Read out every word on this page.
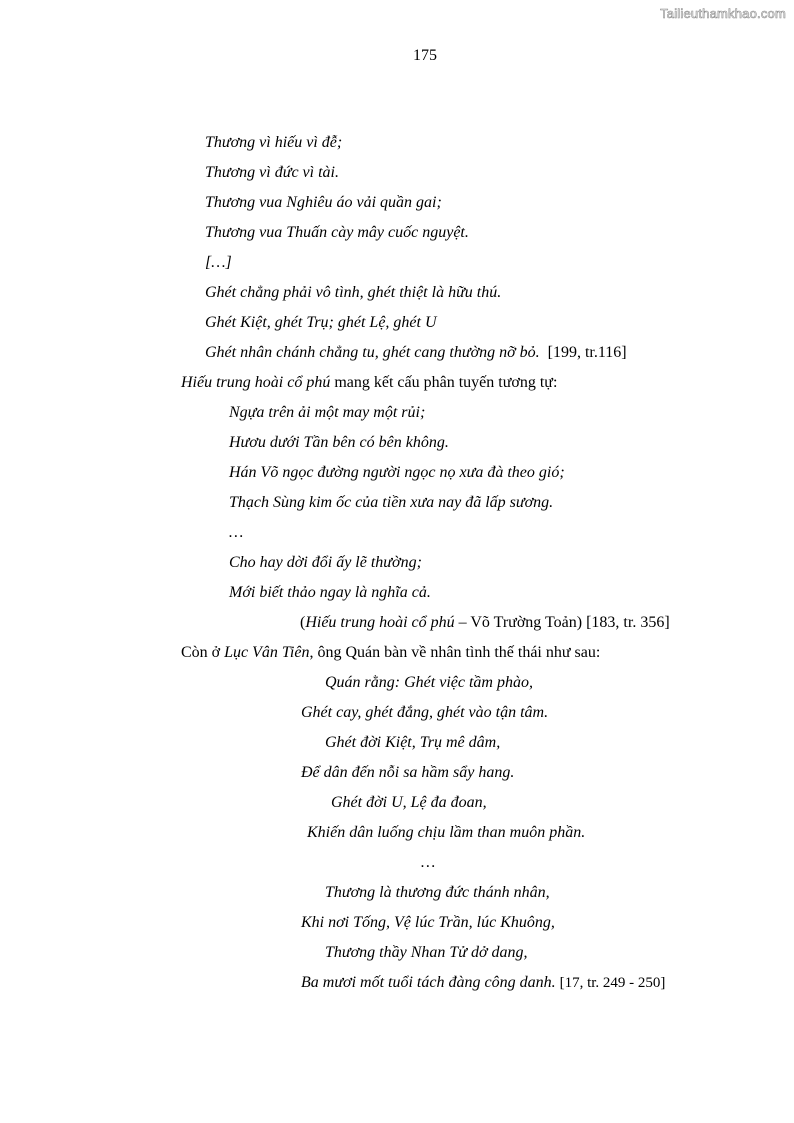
Tailieuthamkhao.com
175
Thương vì hiếu vì đễ;
Thương vì đức vì tài.
Thương vua Nghiêu áo vải quần gai;
Thương vua Thuấn cày mây cuốc nguyệt.
[…]
Ghét chẳng phải vô tình, ghét thiệt là hữu thú.
Ghét Kiệt, ghét Trụ; ghét Lệ, ghét U
Ghét nhân chánh chẳng tu, ghét cang thường nỡ bỏ. [199, tr.116]
Hiếu trung hoài cổ phú mang kết cấu phân tuyến tương tự:
Ngựa trên ải một may một rủi;
Hươu dưới Tần bên có bên không.
Hán Võ ngọc đường người ngọc nọ xưa đà theo gió;
Thạch Sùng kim ốc của tiền xưa nay đã lấp sương.
…
Cho hay dời đổi ấy lẽ thường;
Mới biết thảo ngay là nghĩa cả.
(Hiếu trung hoài cổ phú – Võ Trường Toản) [183, tr. 356]
Còn ở Lục Vân Tiên, ông Quán bàn về nhân tình thế thái như sau:
Quán rằng: Ghét việc tầm phào,
Ghét cay, ghét đắng, ghét vào tận tâm.
Ghét đời Kiệt, Trụ mê dâm,
Để dân đến nỗi sa hầm sẩy hang.
Ghét đời U, Lệ đa đoan,
Khiến dân luống chịu lầm than muôn phần.
…
Thương là thương đức thánh nhân,
Khi nơi Tống, Vệ lúc Trần, lúc Khuông,
Thương thầy Nhan Tử dở dang,
Ba mươi mốt tuổi tách đàng công danh. [17, tr. 249 - 250]
